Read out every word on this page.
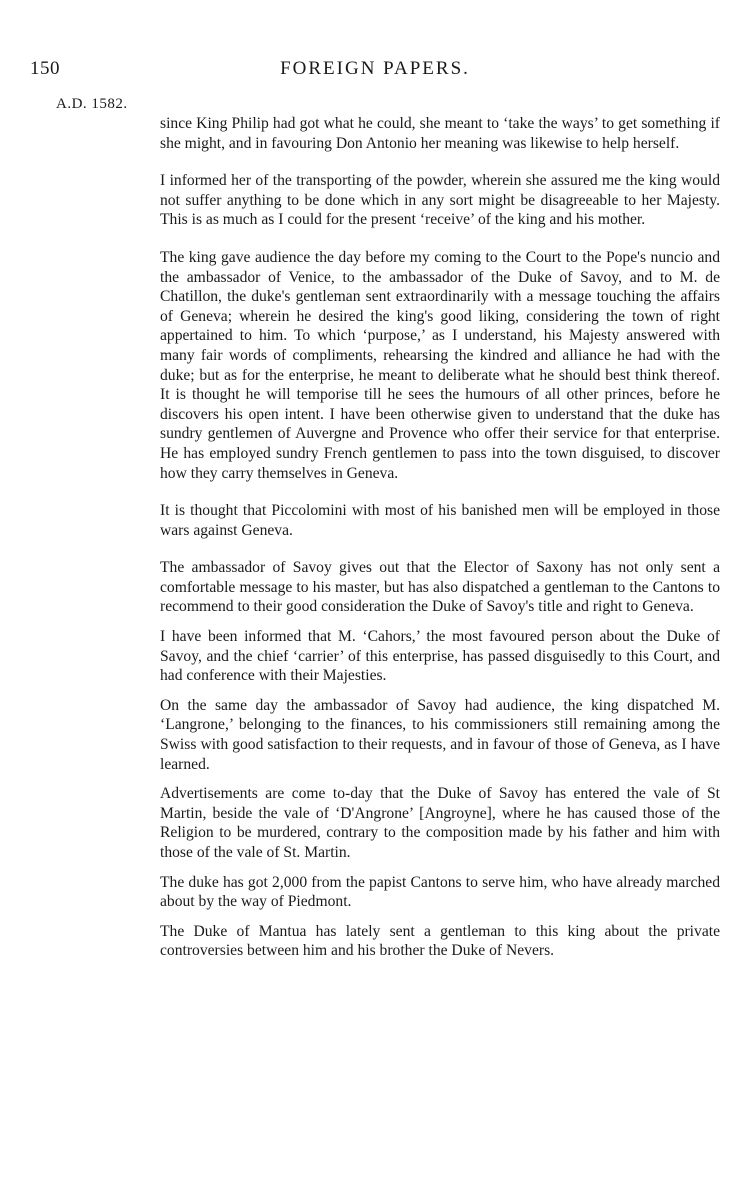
150	FOREIGN PAPERS.
A.D. 1582.

since King Philip had got what he could, she meant to ‘take the ways’ to get something if she might, and in favouring Don Antonio her meaning was likewise to help herself.

I informed her of the transporting of the powder, wherein she assured me the king would not suffer anything to be done which in any sort might be disagreeable to her Majesty. This is as much as I could for the present ‘receive’ of the king and his mother.

The king gave audience the day before my coming to the Court to the Pope's nuncio and the ambassador of Venice, to the ambassador of the Duke of Savoy, and to M. de Chatillon, the duke's gentleman sent extraordinarily with a message touching the affairs of Geneva; wherein he desired the king's good liking, considering the town of right appertained to him. To which ‘purpose,’ as I understand, his Majesty answered with many fair words of compliments, rehearsing the kindred and alliance he had with the duke; but as for the enterprise, he meant to deliberate what he should best think thereof. It is thought he will temporise till he sees the humours of all other princes, before he discovers his open intent. I have been otherwise given to understand that the duke has sundry gentlemen of Auvergne and Provence who offer their service for that enterprise. He has employed sundry French gentlemen to pass into the town disguised, to discover how they carry themselves in Geneva.

It is thought that Piccolomini with most of his banished men will be employed in those wars against Geneva.

The ambassador of Savoy gives out that the Elector of Saxony has not only sent a comfortable message to his master, but has also dispatched a gentleman to the Cantons to recommend to their good consideration the Duke of Savoy's title and right to Geneva.

I have been informed that M. ‘Cahors,’ the most favoured person about the Duke of Savoy, and the chief ‘carrier’ of this enterprise, has passed disguisedly to this Court, and had conference with their Majesties.

On the same day the ambassador of Savoy had audience, the king dispatched M. ‘Langrone,’ belonging to the finances, to his commissioners still remaining among the Swiss with good satisfaction to their requests, and in favour of those of Geneva, as I have learned.

Advertisements are come to-day that the Duke of Savoy has entered the vale of St Martin, beside the vale of ‘D'Angrone’ [Angroyne], where he has caused those of the Religion to be murdered, contrary to the composition made by his father and him with those of the vale of St. Martin.

The duke has got 2,000 from the papist Cantons to serve him, who have already marched about by the way of Piedmont.

The Duke of Mantua has lately sent a gentleman to this king about the private controversies between him and his brother the Duke of Nevers.
